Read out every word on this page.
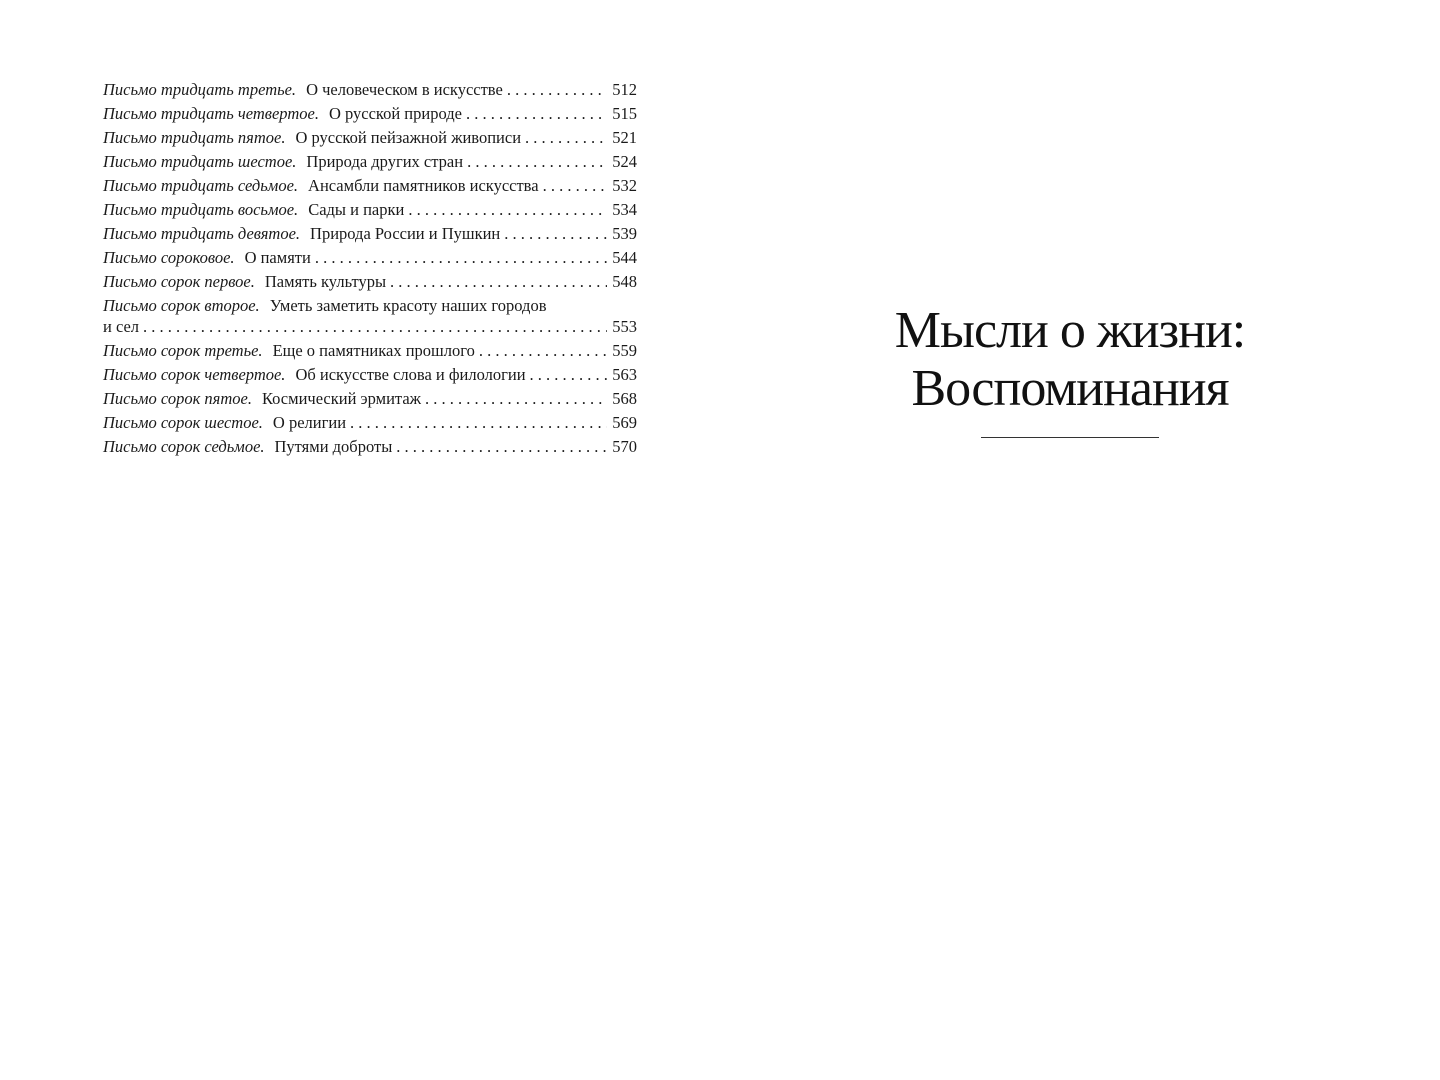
Письмо тридцать третье. О человеческом в искусстве . . .	512
Письмо тридцать четвертое. О русской природе . . .	515
Письмо тридцать пятое. О русской пейзажной живописи . . .	521
Письмо тридцать шестое. Природа других стран . . .	524
Письмо тридцать седьмое. Ансамбли памятников искусства . . .	532
Письмо тридцать восьмое. Сады и парки . . .	534
Письмо тридцать девятое. Природа России и Пушкин . . .	539
Письмо сороковое. О памяти . . .	544
Письмо сорок первое. Память культуры . . .	548
Письмо сорок второе. Уметь заметить красоту наших городов
и сел . . .	553
Письмо сорок третье. Еще о памятниках прошлого . . .	559
Письмо сорок четвертое. Об искусстве слова и филологии . . .	563
Письмо сорок пятое. Космический эрмитаж . . .	568
Письмо сорок шестое. О религии . . .	569
Письмо сорок седьмое. Путями доброты . . .	570
Мысли о жизни:
Воспоминания
